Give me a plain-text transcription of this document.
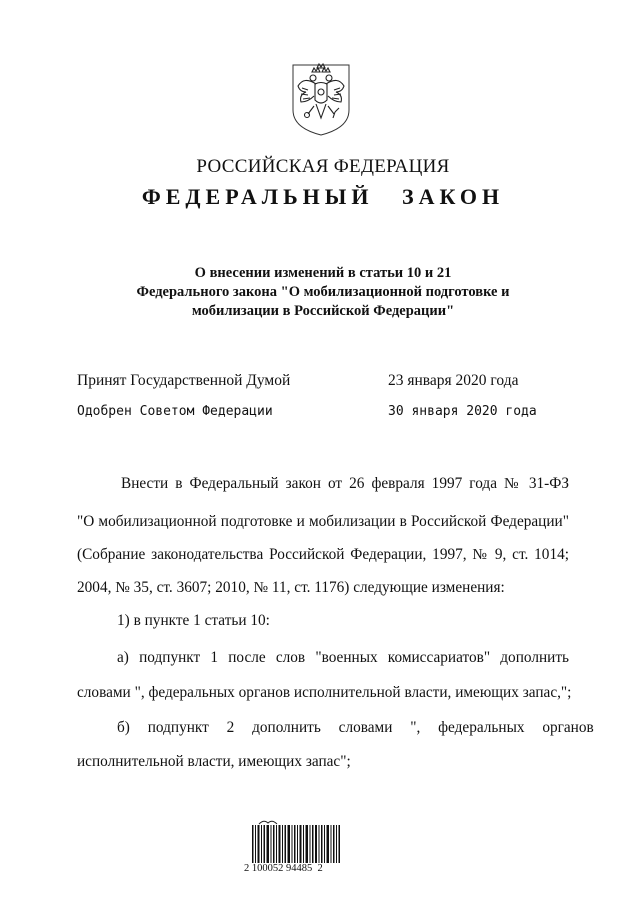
РОССИЙСКАЯ ФЕДЕРАЦИЯ
ФЕДЕРАЛЬНЫЙ ЗАКОН
О внесении изменений в статьи 10 и 21
Федерального закона "О мобилизационной подготовке и
мобилизации в Российской Федерации"
Принят Государственной Думой	23 января 2020 года
Одобрен Советом Федерации	30 января 2020 года
Внести в Федеральный закон от 26 февраля 1997 года № 31-ФЗ
"О мобилизационной подготовке и мобилизации в Российской Федерации"
(Собрание законодательства Российской Федерации, 1997, № 9, ст. 1014;
2004, № 35, ст. 3607; 2010, № 11, ст. 1176) следующие изменения:
1) в пункте 1 статьи 10:
а) подпункт 1 после слов "военных комиссариатов" дополнить
словами ", федеральных органов исполнительной власти, имеющих запас,";
б) подпункт 2 дополнить словами ", федеральных органов
исполнительной власти, имеющих запас";
2 100052 94485  2
